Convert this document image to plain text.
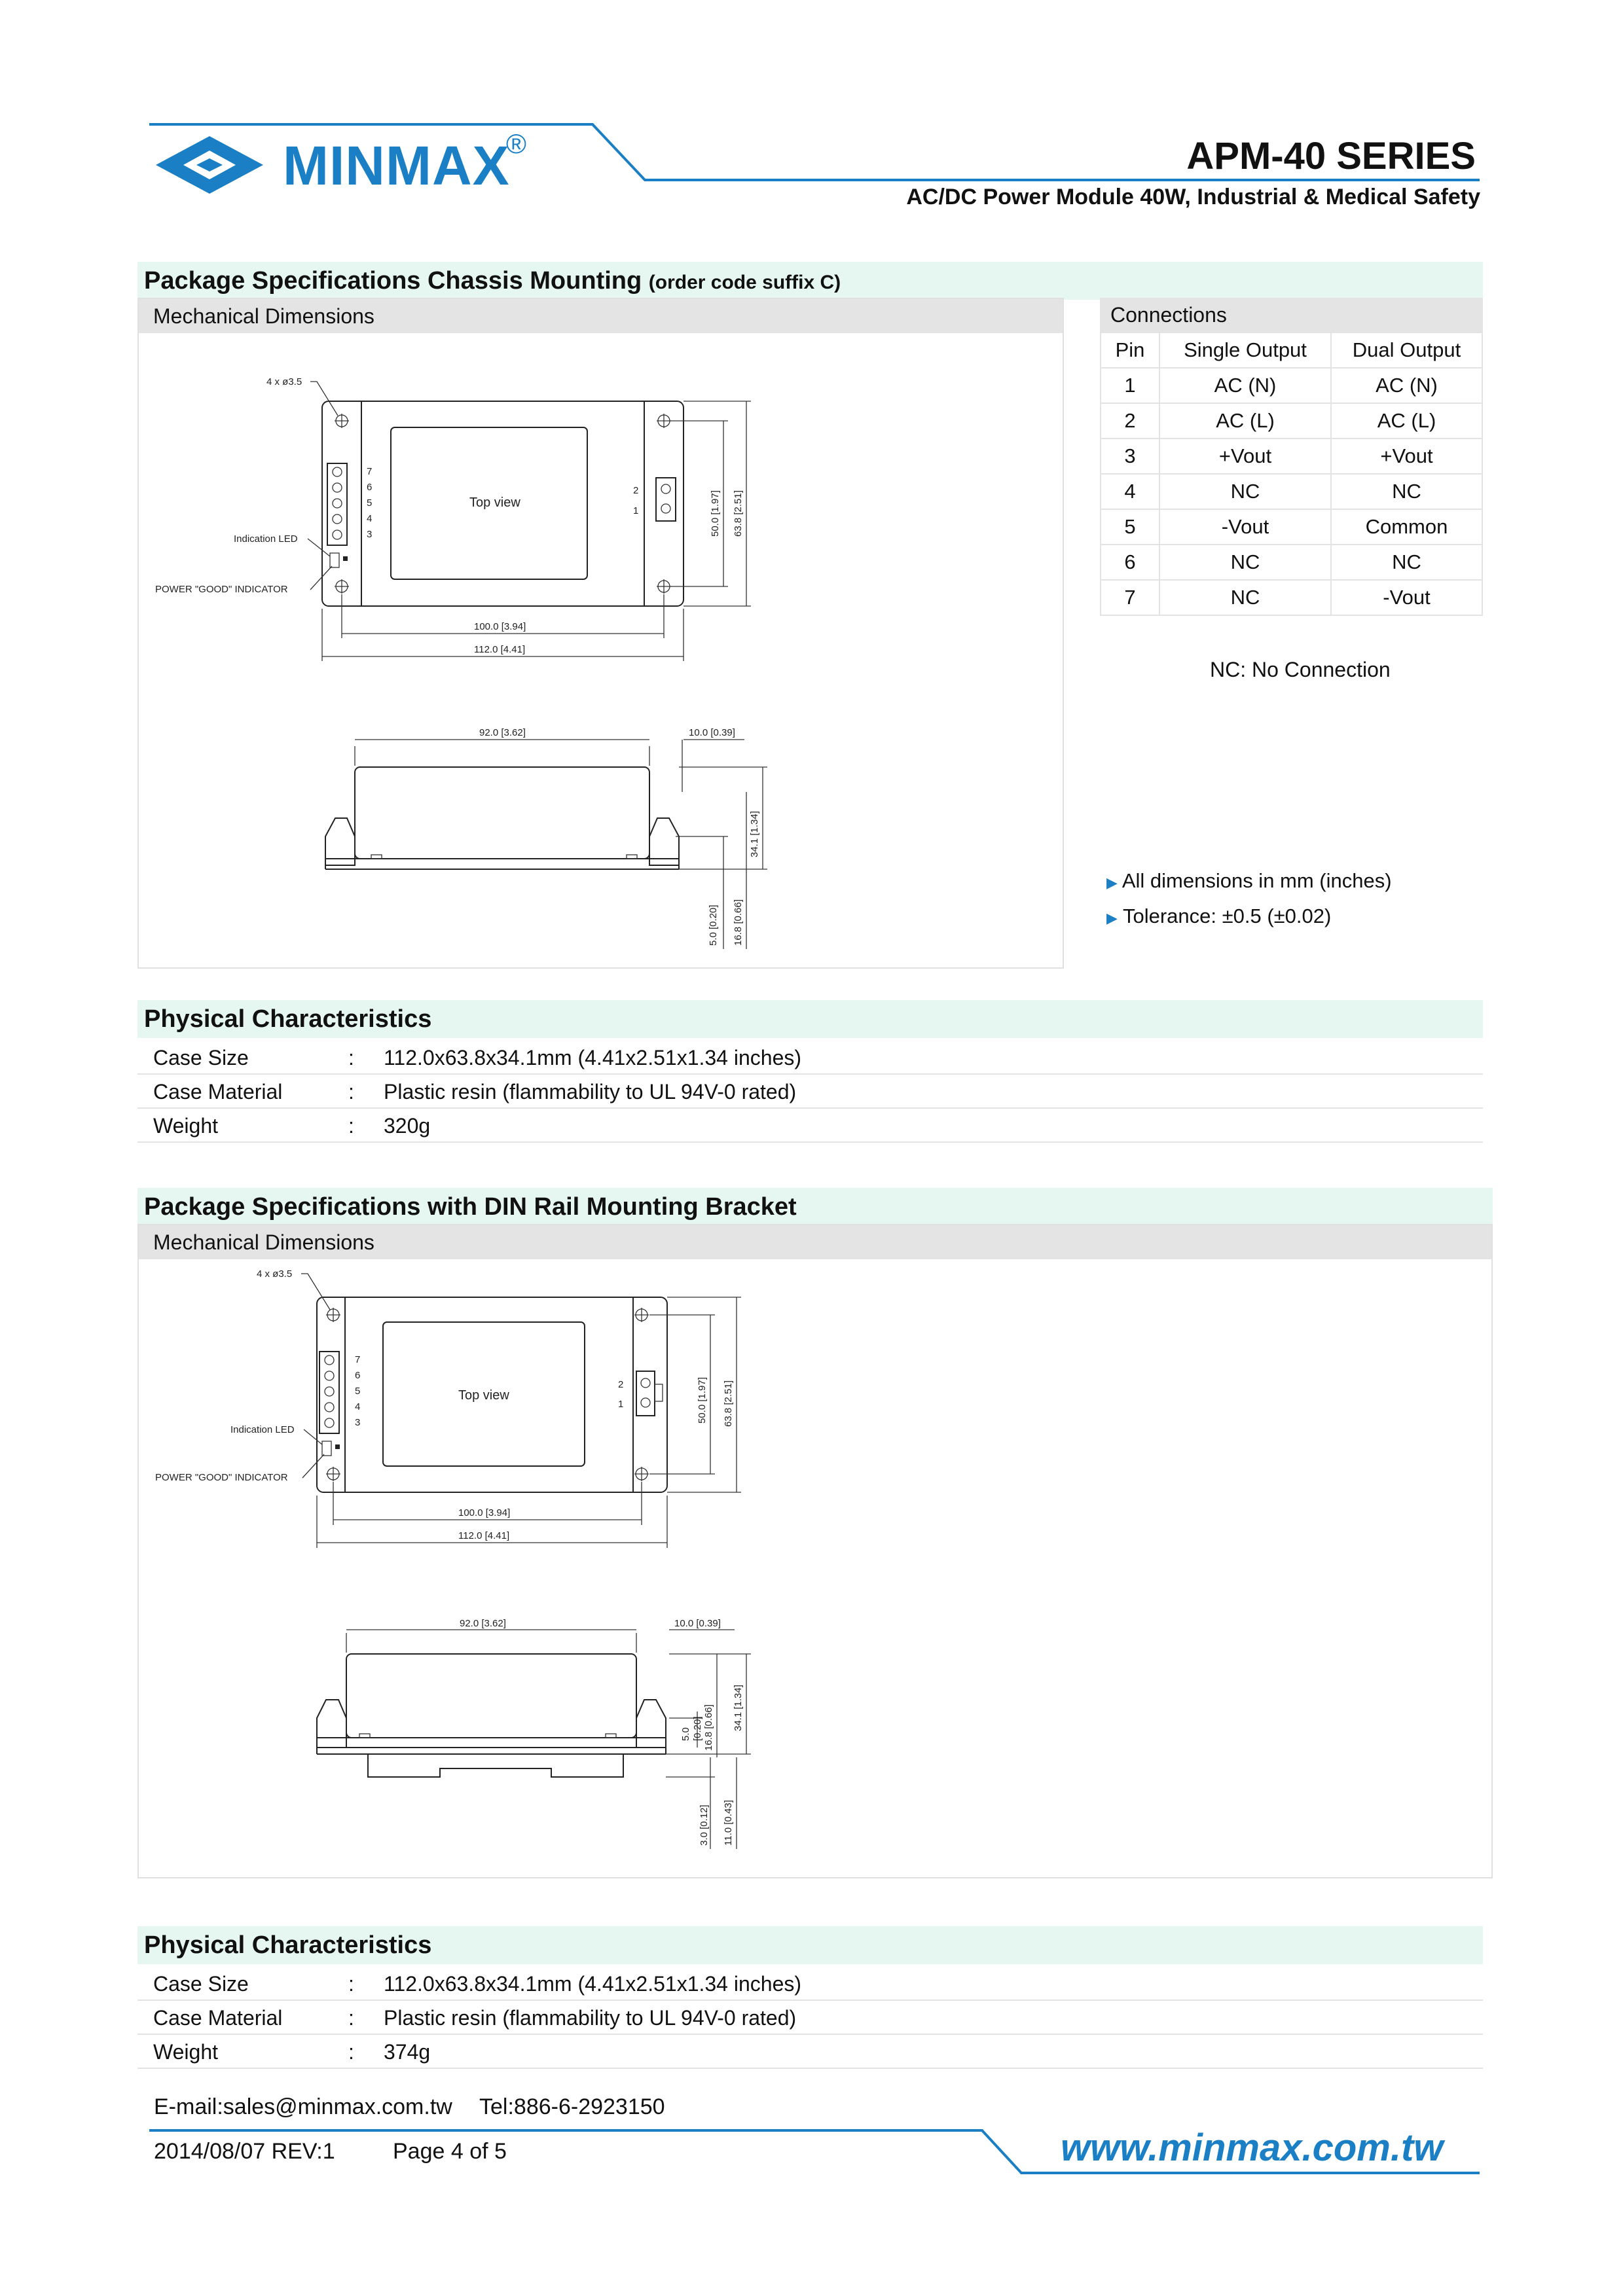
MINMAX
®	APM-40 SERIES
AC/DC Power Module 40W, Industrial & Medical Safety
Package Specifications Chassis Mounting (order code suffix C)
Mechanical Dimensions
7
6
5
4
3
2
1
Top view
4 x ø3.5
Indication LED
POWER "GOOD" INDICATOR
100.0 [3.94]
112.0 [4.41]
50.0 [1.97] 63.8 [2.51]
92.0 [3.62]	10.0 [0.39]
34.1 [1.34]
5.0 [0.20] 16.8 [0.66]
Connections
Pin	Single Output	Dual Output
1	AC (N)	AC (N)
2	AC (L)	AC (L)
3	+Vout	+Vout
4	NC	NC
5	-Vout	Common
6	NC	NC
7	NC	-Vout
NC: No Connection
▶ All dimensions in mm (inches)
▶ Tolerance: ±0.5 (±0.02)
Physical Characteristics
Case Size	: 112.0x63.8x34.1mm (4.41x2.51x1.34 inches)
Case Material	: Plastic resin (flammability to UL 94V-0 rated)
Weight	: 320g
Package Specifications with DIN Rail Mounting Bracket
Mechanical Dimensions
7
6
5
4
3
2
1
Top view
4 x ø3.5
Indication LED
POWER "GOOD" INDICATOR
100.0 [3.94]
112.0 [4.41]
50.0 [1.97] 63.8 [2.51]
92.0 [3.62]	10.0 [0.39]
34.1 [1.34]
5.0 [0.20] 16.8 [0.66]
3.0 [0.12] 11.0 [0.43]
Physical Characteristics
Case Size	: 112.0x63.8x34.1mm (4.41x2.51x1.34 inches)
Case Material	: Plastic resin (flammability to UL 94V-0 rated)
Weight	: 374g
E-mail:sales@minmax.com.tw Tel:886-6-2923150
2014/08/07 REV:1	Page 4 of 5	www.minmax.com.tw
